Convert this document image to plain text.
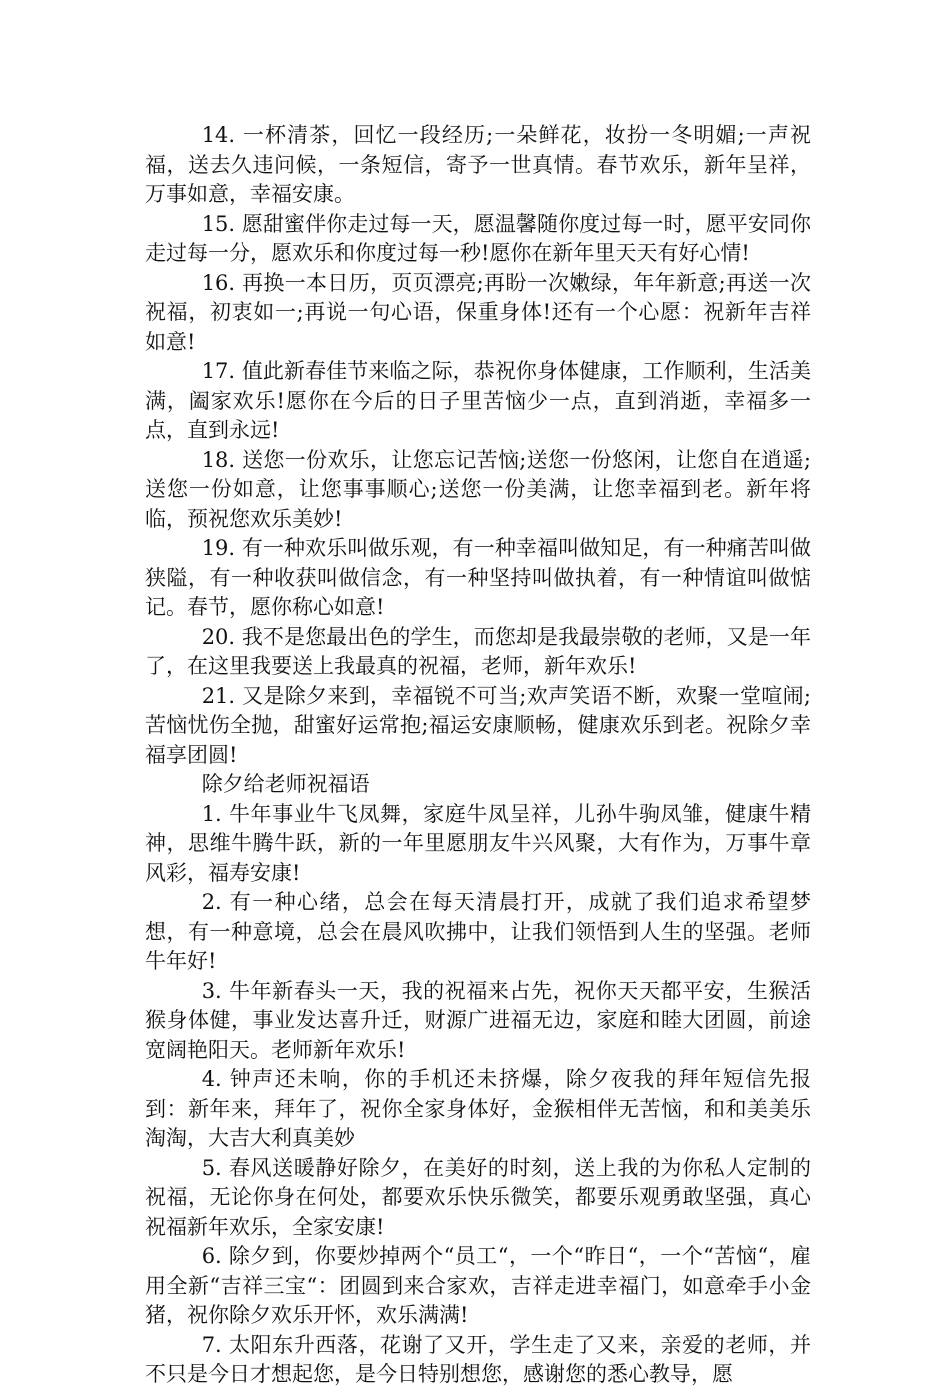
14. 一杯清茶，回忆一段经历;一朵鲜花，妆扮一冬明媚;一声祝福，送去久违问候，一条短信，寄予一世真情。春节欢乐，新年呈祥，万事如意，幸福安康。

15. 愿甜蜜伴你走过每一天，愿温馨随你度过每一时，愿平安同你走过每一分，愿欢乐和你度过每一秒!愿你在新年里天天有好心情!

16. 再换一本日历，页页漂亮;再盼一次嫩绿，年年新意;再送一次祝福，初衷如一;再说一句心语，保重身体!还有一个心愿：祝新年吉祥如意!

17. 值此新春佳节来临之际，恭祝你身体健康，工作顺利，生活美满，阖家欢乐!愿你在今后的日子里苦恼少一点，直到消逝，幸福多一点，直到永远!

18. 送您一份欢乐，让您忘记苦恼;送您一份悠闲，让您自在逍遥;送您一份如意，让您事事顺心;送您一份美满，让您幸福到老。新年将临，预祝您欢乐美妙!

19. 有一种欢乐叫做乐观，有一种幸福叫做知足，有一种痛苦叫做狭隘，有一种收获叫做信念，有一种坚持叫做执着，有一种情谊叫做惦记。春节，愿你称心如意!

20. 我不是您最出色的学生，而您却是我最崇敬的老师，又是一年了，在这里我要送上我最真的祝福，老师，新年欢乐!

21. 又是除夕来到，幸福锐不可当;欢声笑语不断，欢聚一堂喧闹;苦恼忧伤全抛，甜蜜好运常抱;福运安康顺畅，健康欢乐到老。祝除夕幸福享团圆!

除夕给老师祝福语

1. 牛年事业牛飞凤舞，家庭牛凤呈祥，儿孙牛驹凤雏，健康牛精神，思维牛腾牛跃，新的一年里愿朋友牛兴风聚，大有作为，万事牛章风彩，福寿安康!

2. 有一种心绪，总会在每天清晨打开，成就了我们追求希望梦想，有一种意境，总会在晨风吹拂中，让我们领悟到人生的坚强。老师牛年好!

3. 牛年新春头一天，我的祝福来占先，祝你天天都平安，生猴活猴身体健，事业发达喜升迁，财源广进福无边，家庭和睦大团圆，前途宽阔艳阳天。老师新年欢乐!

4. 钟声还未响，你的手机还未挤爆，除夕夜我的拜年短信先报到：新年来，拜年了，祝你全家身体好，金猴相伴无苦恼，和和美美乐淘淘，大吉大利真美妙

5. 春风送暖静好除夕，在美好的时刻，送上我的为你私人定制的祝福，无论你身在何处，都要欢乐快乐微笑，都要乐观勇敢坚强，真心祝福新年欢乐，全家安康!

6. 除夕到，你要炒掉两个“员工“，一个“昨日“，一个“苦恼“，雇用全新“吉祥三宝“：团圆到来合家欢，吉祥走进幸福门，如意牵手小金猪，祝你除夕欢乐开怀，欢乐满满!

7. 太阳东升西落，花谢了又开，学生走了又来，亲爱的老师，并不只是今日才想起您，是今日特别想您，感谢您的悉心教导，愿
